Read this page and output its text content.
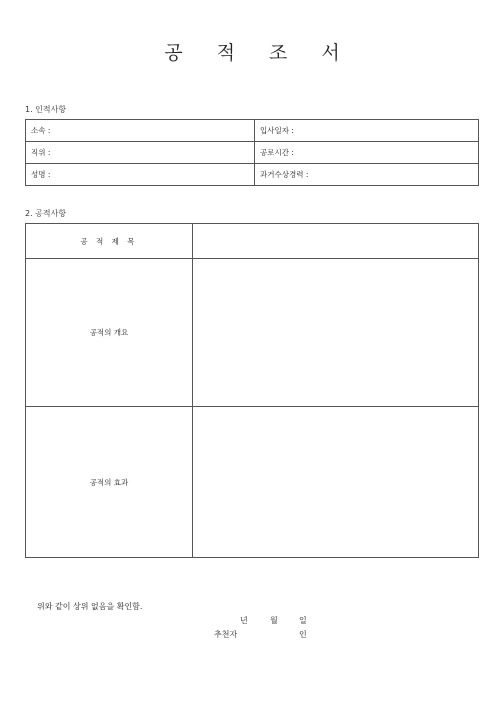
공 적 조 서
1. 인적사항
소속 :	입사일자 :
직위 :	공로시간 :
성명 :	과거수상경력 :
2. 공적사항
공 적 제 목	
공적의 개요	
공적의 효과	
위와 같이 상위 없음을 확인함.
년	월	일
추천자	인
